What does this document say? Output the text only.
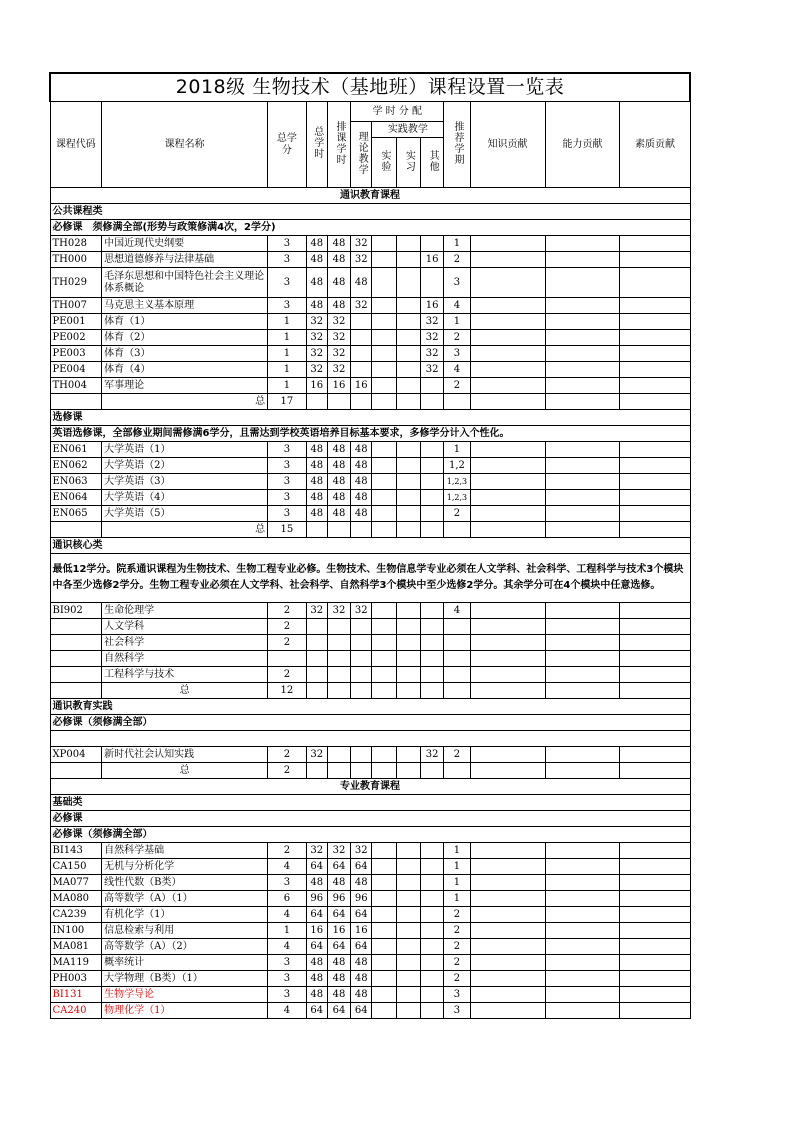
2018级 生物技术（基地班）课程设置一览表												
课程代码	课程名称	总学分	总学时	排课学时	学 时 分 配				推荐学期	知识贡献	能力贡献	素质贡献
					理论教学	实践教学						
						实验	实习	其他				
通识教育课程												
公共课程类												
必修课　须修满全部(形势与政策修满4次，2学分)												
TH028	中国近现代史纲要	3	48	48	32				1			
TH000	思想道德修养与法律基础	3	48	48	32			16	2			
TH029	毛泽东思想和中国特色社会主义理论体系概论	3	48	48	48				3			
TH007	马克思主义基本原理	3	48	48	32			16	4			
PE001	体育（1）	1	32	32				32	1			
PE002	体育（2）	1	32	32				32	2			
PE003	体育（3）	1	32	32				32	3			
PE004	体育（4）	1	32	32				32	4			
TH004	军事理论	1	16	16	16				2			
	总	17										
选修课												
英语选修课，全部修业期间需修满6学分，且需达到学校英语培养目标基本要求，多修学分计入个性化。												
EN061	大学英语（1）	3	48	48	48				1			
EN062	大学英语（2）	3	48	48	48				1,2			
EN063	大学英语（3）	3	48	48	48				1,2,3			
EN064	大学英语（4）	3	48	48	48				1,2,3			
EN065	大学英语（5）	3	48	48	48				2			
	总	15										
通识核心类												
最低12学分。院系通识课程为生物技术、生物工程专业必修。生物技术、生物信息学专业必须在人文学科、社会科学、工程科学与技术3个模块中各至少选修2学分。生物工程专业必须在人文学科、社会科学、自然科学3个模块中至少选修2学分。其余学分可在4个模块中任意选修。												
BI902	生命伦理学	2	32	32	32				4			
	人文学科	2										
	社会科学	2										
	自然科学											
	工程科学与技术	2										
	总	12										
通识教育实践												
必修课（须修满全部）												

XP004	新时代社会认知实践	2	32					32	2			
	总	2										
专业教育课程												
基础类												
必修课												
必修课（须修满全部）												
BI143	自然科学基础	2	32	32	32				1			
CA150	无机与分析化学	4	64	64	64				1			
MA077	线性代数（B类）	3	48	48	48				1			
MA080	高等数学（A）（1）	6	96	96	96				1			
CA239	有机化学（1）	4	64	64	64				2			
IN100	信息检索与利用	1	16	16	16				2			
MA081	高等数学（A）（2）	4	64	64	64				2			
MA119	概率统计	3	48	48	48				2			
PH003	大学物理（B类）（1）	3	48	48	48				2			
BI131	生物学导论	3	48	48	48				3			
CA240	物理化学（1）	4	64	64	64				3			
